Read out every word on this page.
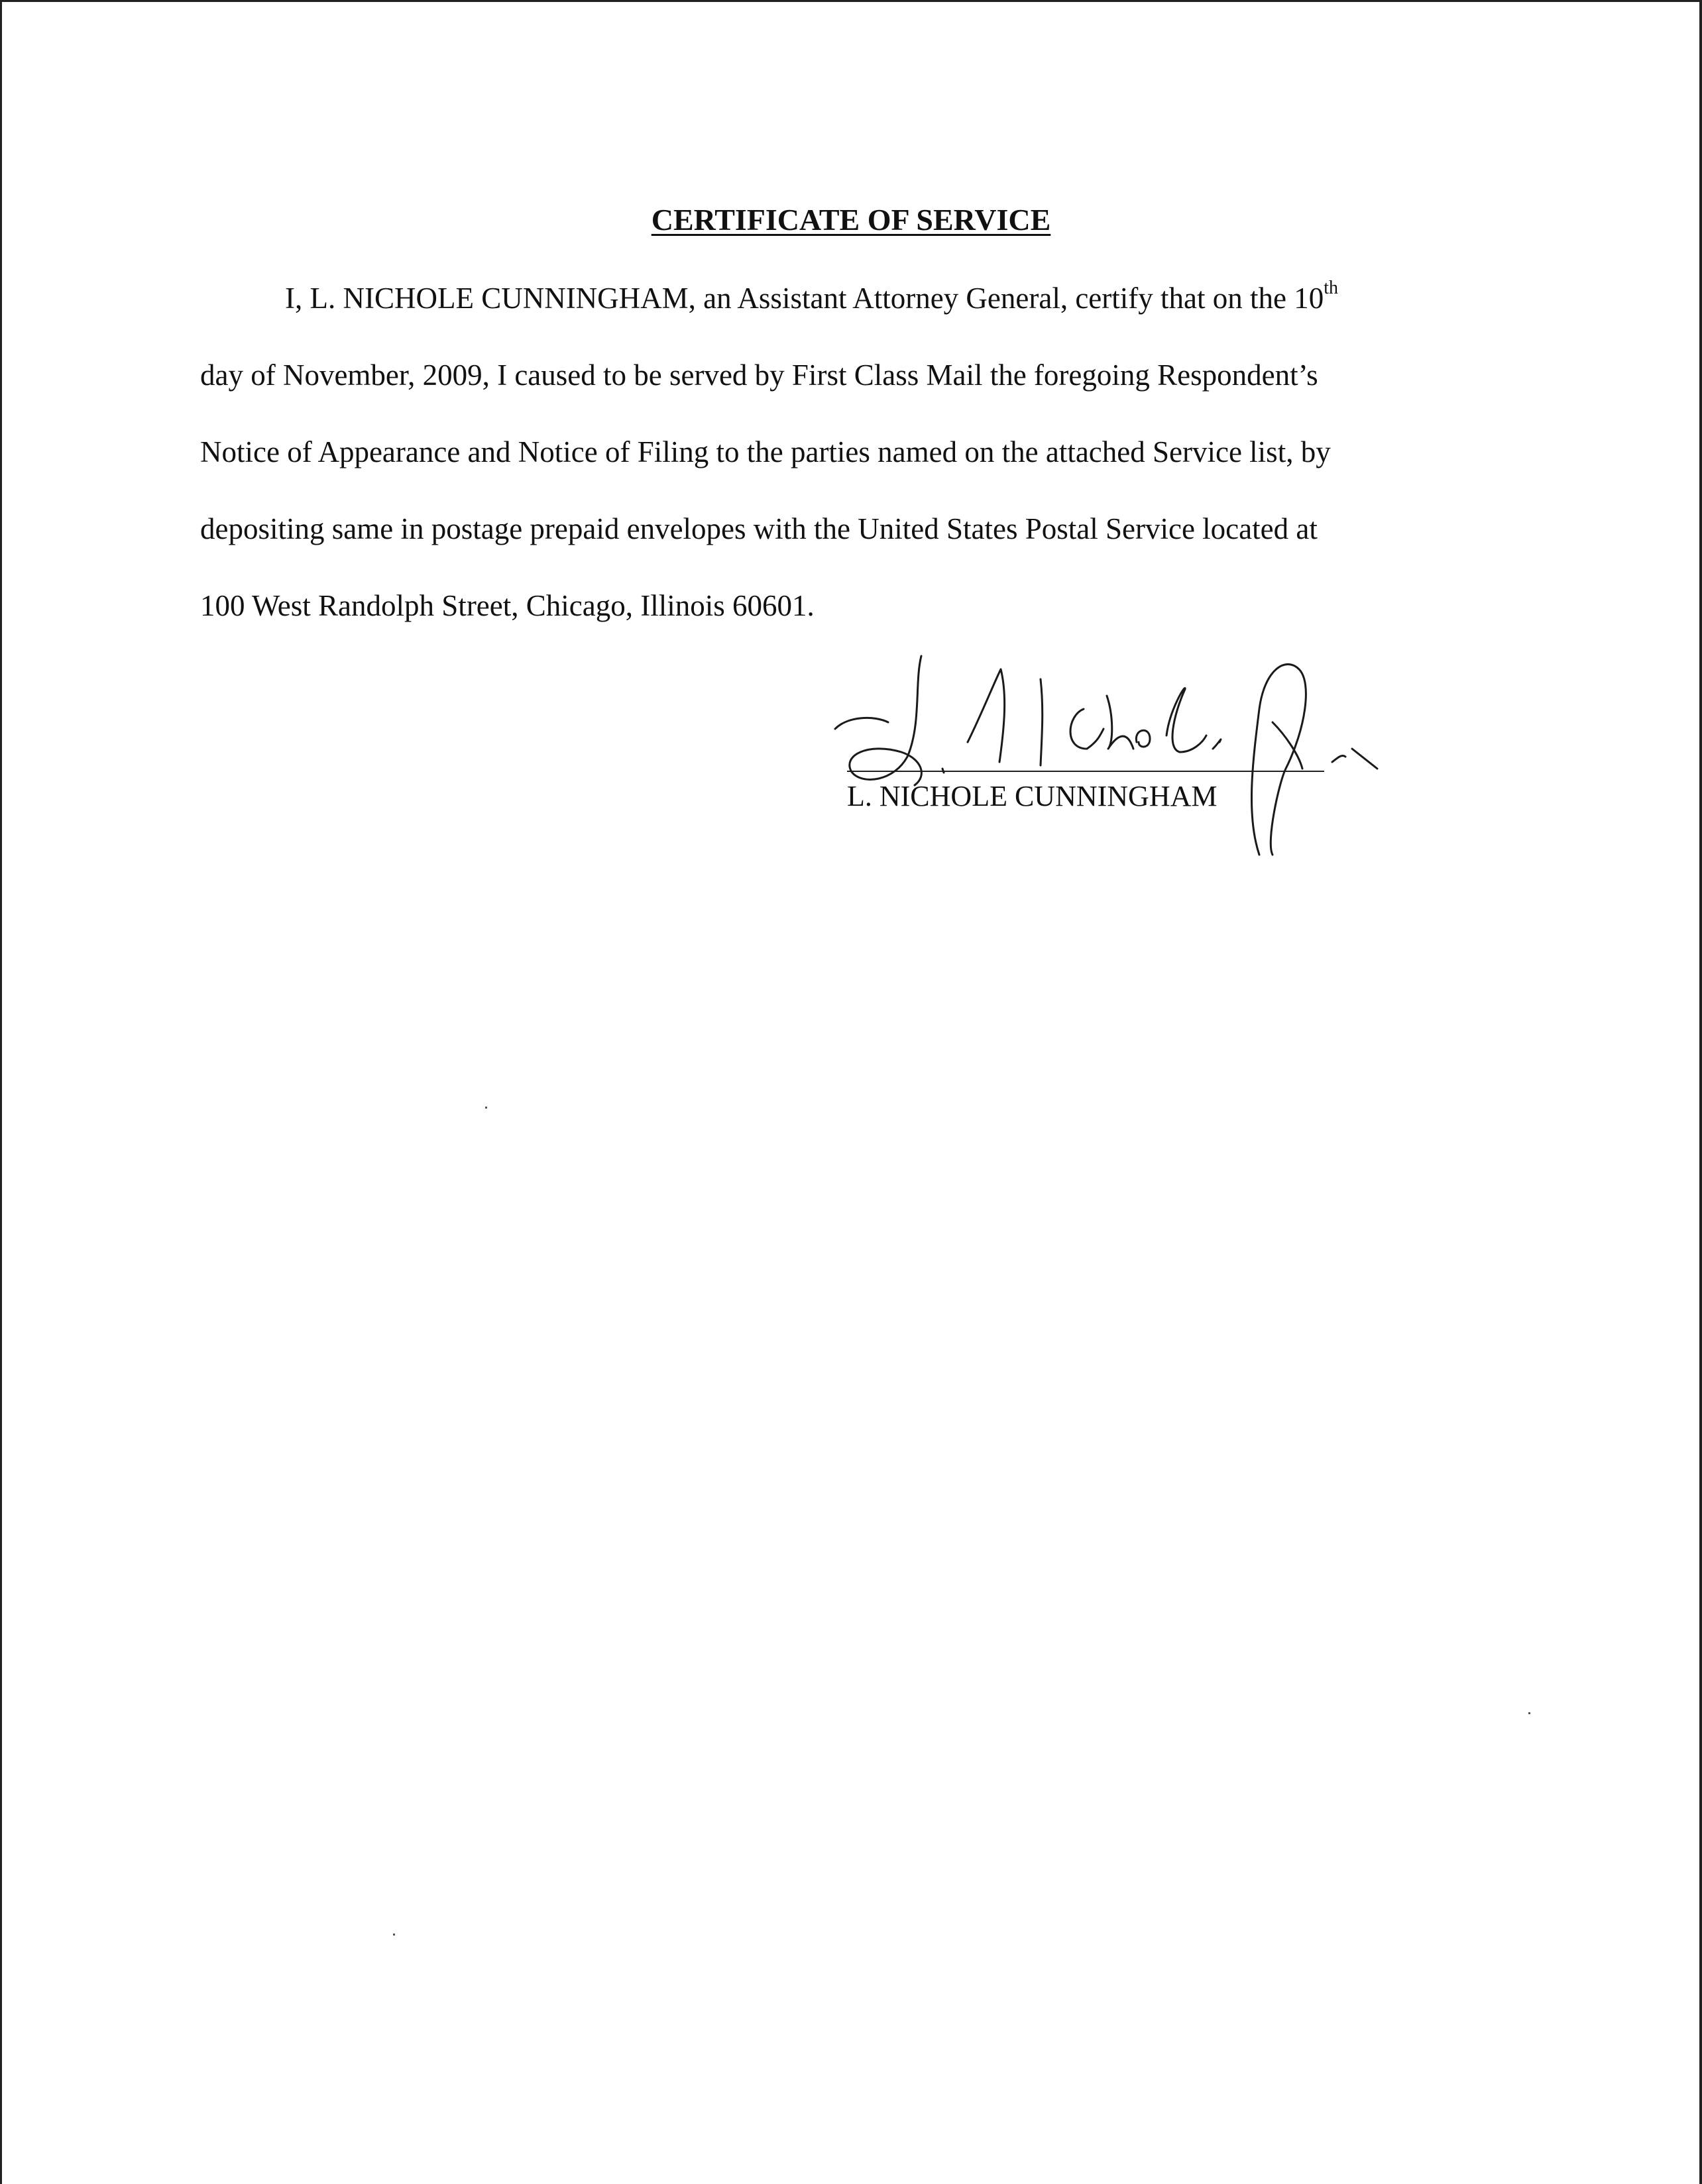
CERTIFICATE OF SERVICE
I, L. NICHOLE CUNNINGHAM, an Assistant Attorney General, certify that on the 10th
day of November, 2009, I caused to be served by First Class Mail the foregoing Respondent’s
Notice of Appearance and Notice of Filing to the parties named on the attached Service list, by
depositing same in postage prepaid envelopes with the United States Postal Service located at
100 West Randolph Street, Chicago, Illinois 60601.
L. NICHOLE CUNNINGHAM
